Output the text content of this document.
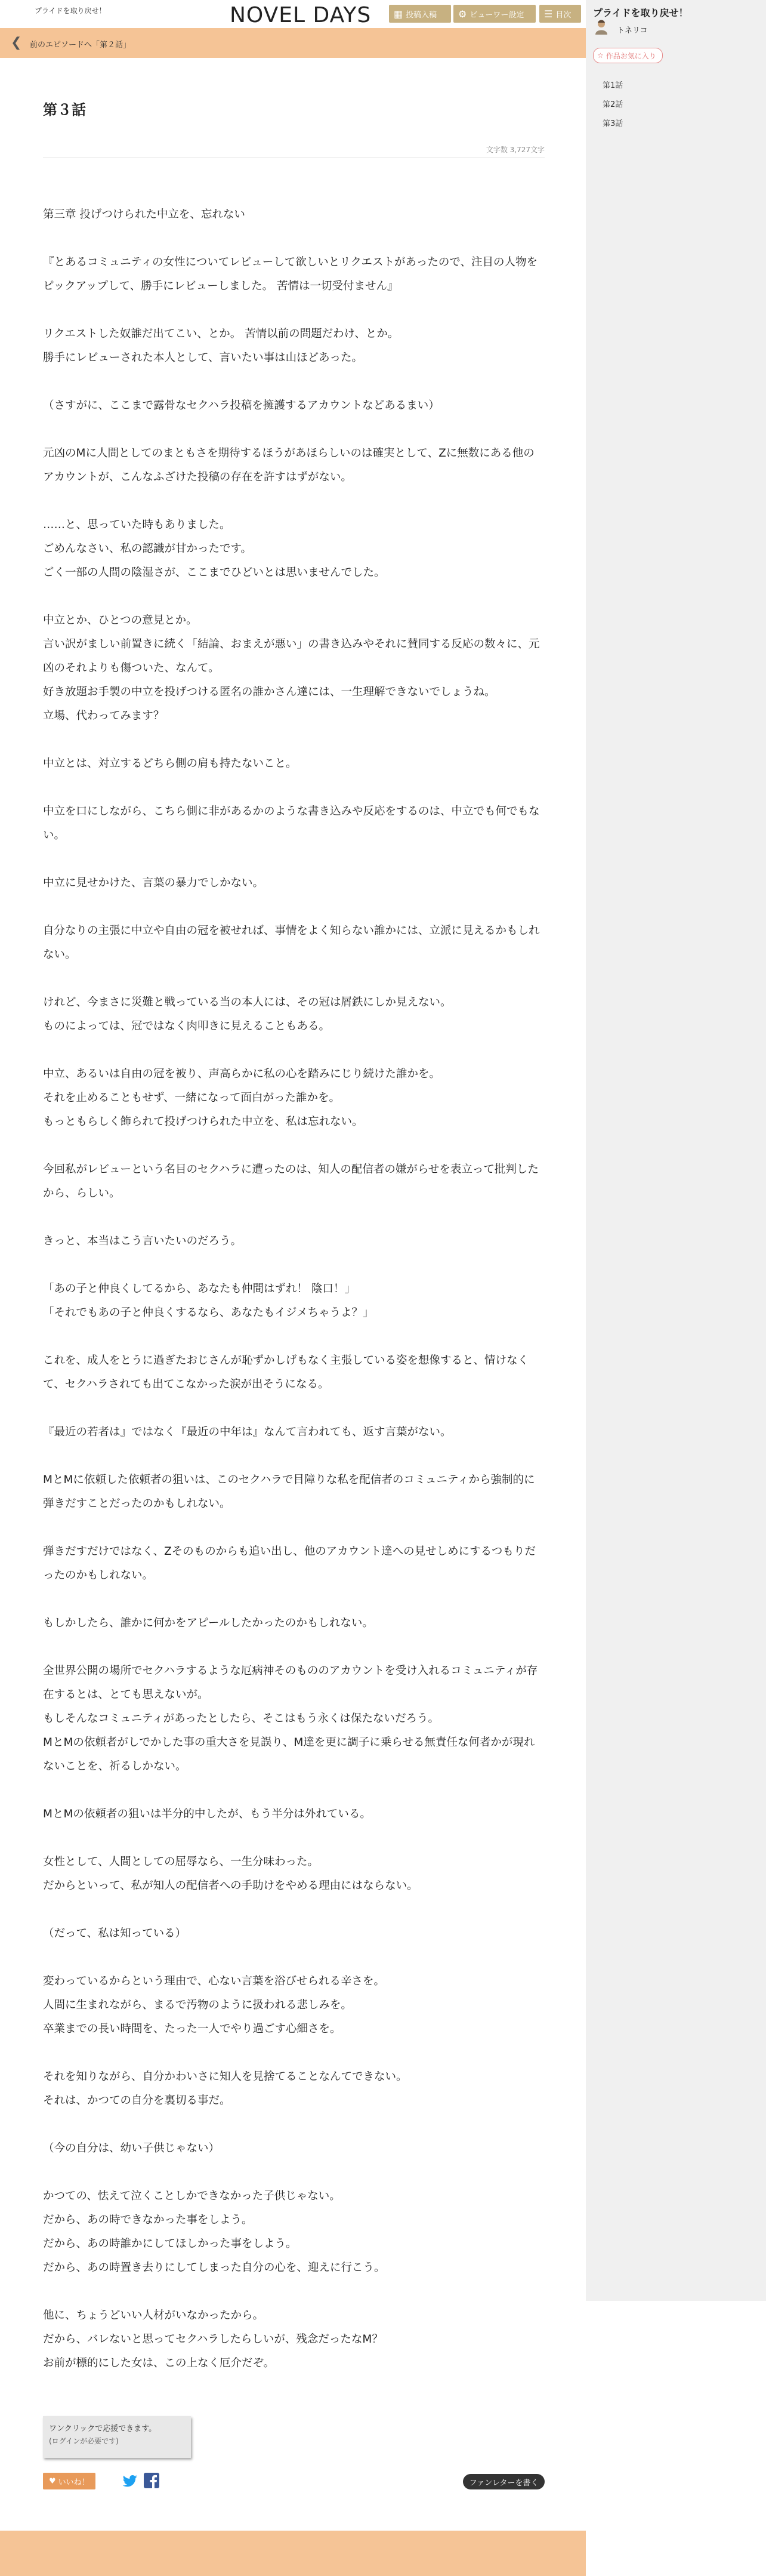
プライドを取り戻せ！	NOVEL DAYS ▦ 投稿入稿 ⚙ ビューワー設定 ☰ 目次
❮ 前のエピソードへ「第２話」
プライドを取り戻せ！
トネリコ
☆ 作品お気に入り
第1話
第2話
第3話
第３話
文字数 3,727文字
第三章 投げつけられた中立を、忘れない
『とあるコミュニティの女性についてレビューして欲しいとリクエストがあったので、注目の人物をピックアップして、勝手にレビューしました。 苦情は一切受付ません』
リクエストした奴誰だ出てこい、とか。 苦情以前の問題だわけ、とか。
勝手にレビューされた本人として、言いたい事は山ほどあった。
（さすがに、ここまで露骨なセクハラ投稿を擁護するアカウントなどあるまい）
元凶のMに人間としてのまともさを期待するほうがあほらしいのは確実として、Zに無数にある他のアカウントが、こんなふざけた投稿の存在を許すはずがない。
……と、思っていた時もありました。
ごめんなさい、私の認識が甘かったです。
ごく一部の人間の陰湿さが、ここまでひどいとは思いませんでした。
中立とか、ひとつの意見とか。
言い訳がましい前置きに続く「結論、おまえが悪い」の書き込みやそれに賛同する反応の数々に、元凶のそれよりも傷ついた、なんて。
好き放題お手製の中立を投げつける匿名の誰かさん達には、一生理解できないでしょうね。
立場、代わってみます？
中立とは、対立するどちら側の肩も持たないこと。
中立を口にしながら、こちら側に非があるかのような書き込みや反応をするのは、中立でも何でもない。
中立に見せかけた、言葉の暴力でしかない。
自分なりの主張に中立や自由の冠を被せれば、事情をよく知らない誰かには、立派に見えるかもしれない。
けれど、今まさに災難と戦っている当の本人には、その冠は屑鉄にしか見えない。
ものによっては、冠ではなく肉叩きに見えることもある。
中立、あるいは自由の冠を被り、声高らかに私の心を踏みにじり続けた誰かを。
それを止めることもせず、一緒になって面白がった誰かを。
もっともらしく飾られて投げつけられた中立を、私は忘れない。
今回私がレビューという名目のセクハラに遭ったのは、知人の配信者の嫌がらせを表立って批判したから、らしい。
きっと、本当はこう言いたいのだろう。
「あの子と仲良くしてるから、あなたも仲間はずれ！ 陰口！」
「それでもあの子と仲良くするなら、あなたもイジメちゃうよ？」
これを、成人をとうに過ぎたおじさんが恥ずかしげもなく主張している姿を想像すると、情けなくて、セクハラされても出てこなかった涙が出そうになる。
『最近の若者は』ではなく『最近の中年は』なんて言われても、返す言葉がない。
MとMに依頼した依頼者の狙いは、このセクハラで目障りな私を配信者のコミュニティから強制的に弾きだすことだったのかもしれない。
弾きだすだけではなく、Zそのものからも追い出し、他のアカウント達への見せしめにするつもりだったのかもしれない。
もしかしたら、誰かに何かをアピールしたかったのかもしれない。
全世界公開の場所でセクハラするような厄病神そのもののアカウントを受け入れるコミュニティが存在するとは、とても思えないが。
もしそんなコミュニティがあったとしたら、そこはもう永くは保たないだろう。
MとMの依頼者がしでかした事の重大さを見誤り、M達を更に調子に乗らせる無責任な何者かが現れないことを、祈るしかない。
MとMの依頼者の狙いは半分的中したが、もう半分は外れている。
女性として、人間としての屈辱なら、一生分味わった。
だからといって、私が知人の配信者への手助けをやめる理由にはならない。
（だって、私は知っている）
変わっているからという理由で、心ない言葉を浴びせられる辛さを。
人間に生まれながら、まるで汚物のように扱われる悲しみを。
卒業までの長い時間を、たった一人でやり過ごす心細さを。
それを知りながら、自分かわいさに知人を見捨てることなんてできない。
それは、かつての自分を裏切る事だ。
（今の自分は、幼い子供じゃない）
かつての、怯えて泣くことしかできなかった子供じゃない。
だから、あの時できなかった事をしよう。
だから、あの時誰かにしてほしかった事をしよう。
だから、あの時置き去りにしてしまった自分の心を、迎えに行こう。
他に、ちょうどいい人材がいなかったから。
だから、バレないと思ってセクハラしたらしいが、残念だったなM？
お前が標的にした女は、この上なく厄介だぞ。
ワンクリックで応援できます。
(ログインが必要です)
♥ いいね！	ファンレターを書く
